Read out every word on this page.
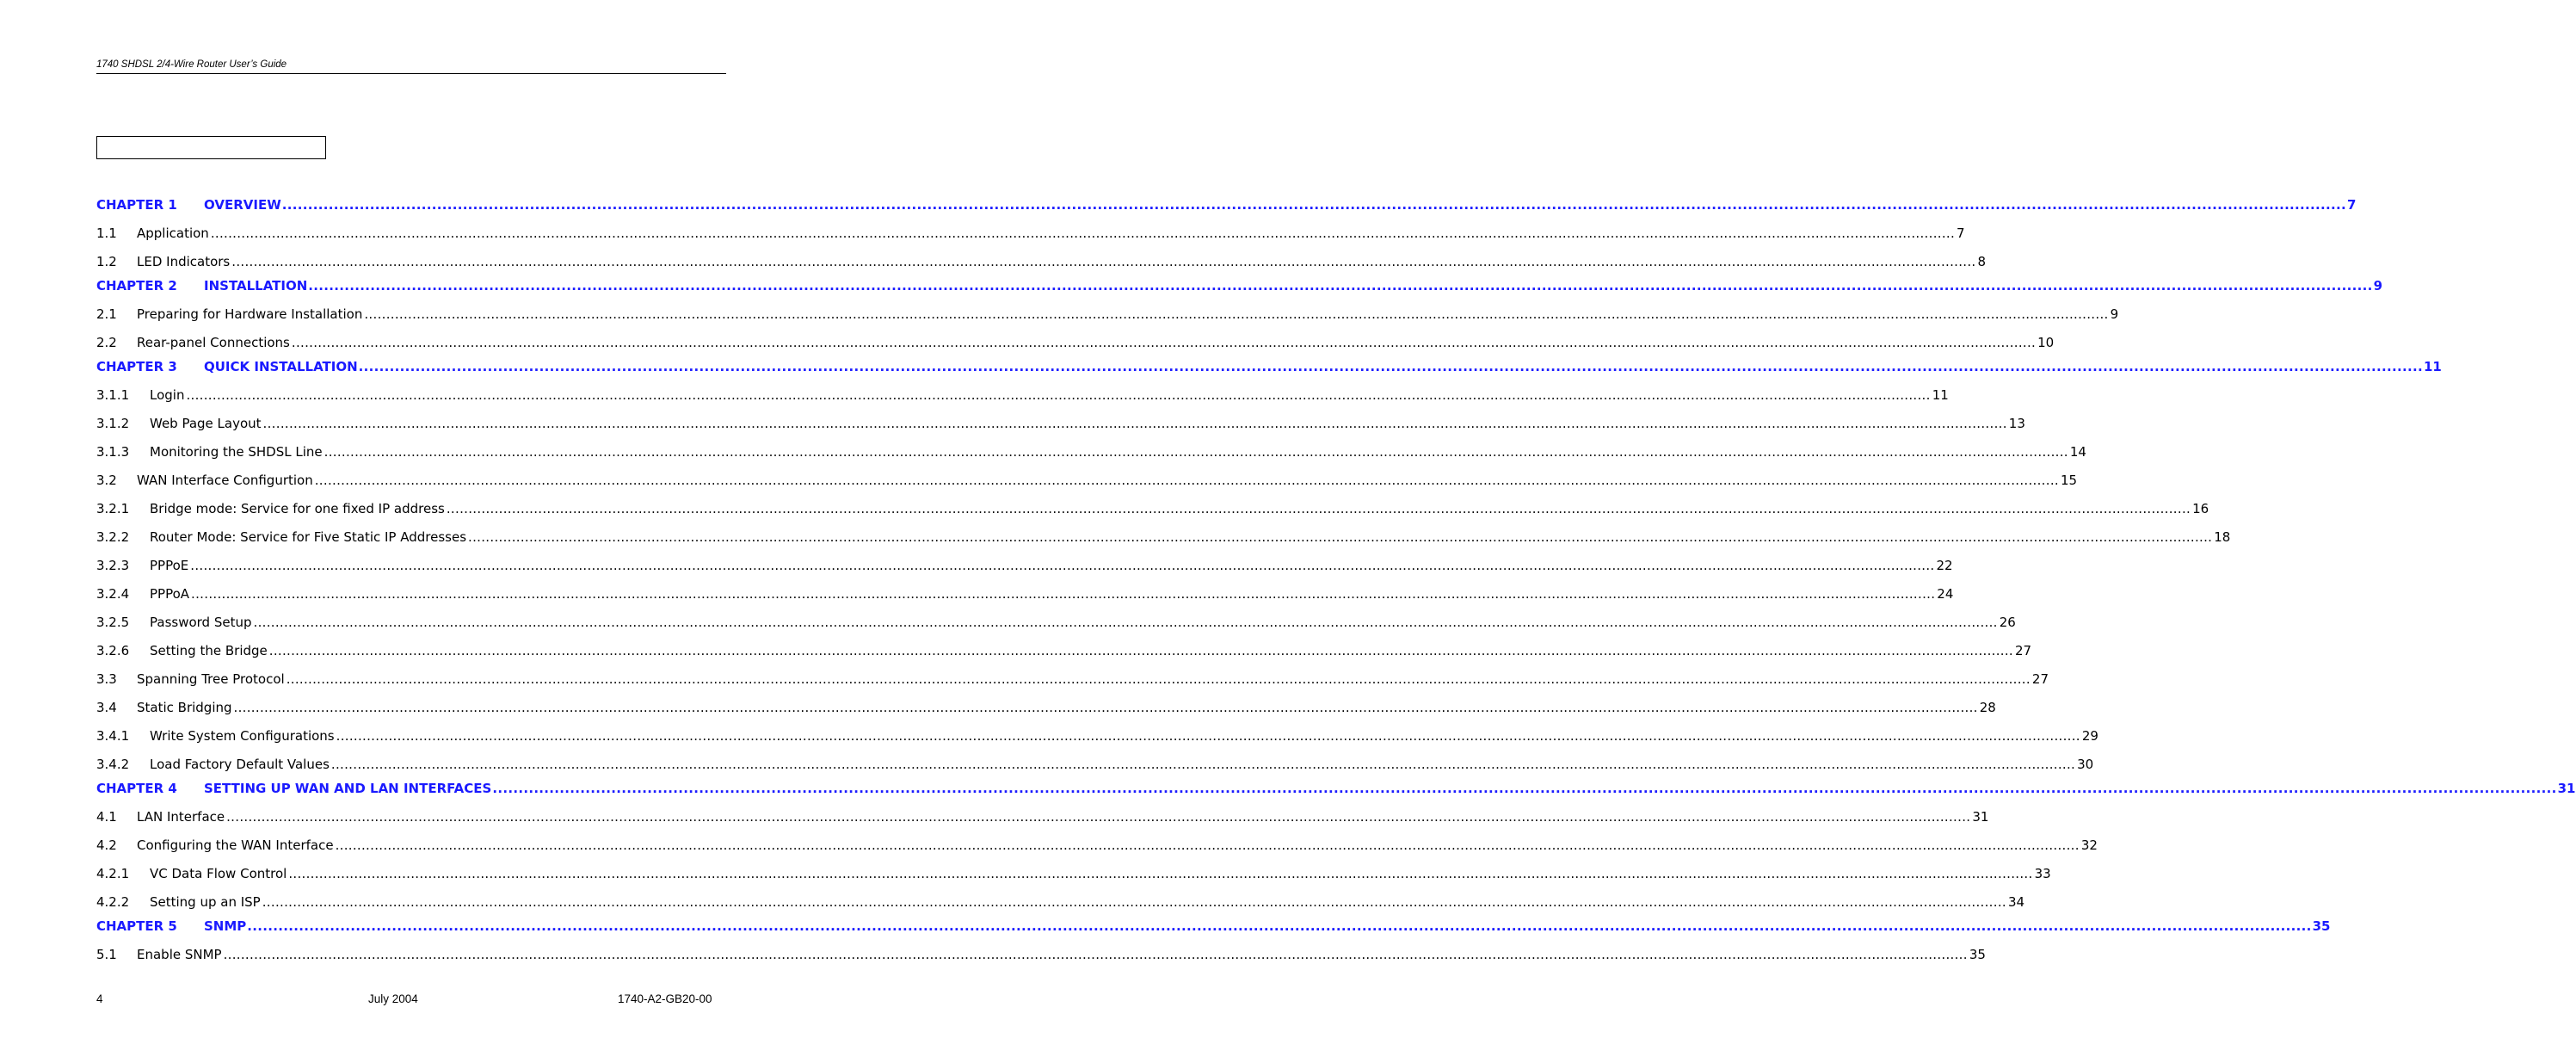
1740 SHDSL 2/4-Wire Router User’s Guide
CHAPTER 1	OVERVIEW ................................................................................................................................................................................................................................................................................................................................................................................................................ 7
1.1	Application ................................................................................................................................................................................................................................................................................................................................................................................................................ 7
1.2	LED Indicators ................................................................................................................................................................................................................................................................................................................................................................................................................ 8
CHAPTER 2	INSTALLATION ................................................................................................................................................................................................................................................................................................................................................................................................................ 9
2.1	Preparing for Hardware Installation ................................................................................................................................................................................................................................................................................................................................................................................................................ 9
2.2	Rear-panel Connections ................................................................................................................................................................................................................................................................................................................................................................................................................ 10
CHAPTER 3	QUICK INSTALLATION ................................................................................................................................................................................................................................................................................................................................................................................................................ 11
3.1.1	Login ................................................................................................................................................................................................................................................................................................................................................................................................................ 11
3.1.2	Web Page Layout ................................................................................................................................................................................................................................................................................................................................................................................................................ 13
3.1.3	Monitoring the SHDSL Line ................................................................................................................................................................................................................................................................................................................................................................................................................ 14
3.2	WAN Interface Configurtion ................................................................................................................................................................................................................................................................................................................................................................................................................ 15
3.2.1	Bridge mode: Service for one fixed IP address ................................................................................................................................................................................................................................................................................................................................................................................................................ 16
3.2.2	Router Mode: Service for Five Static IP Addresses ................................................................................................................................................................................................................................................................................................................................................................................................................ 18
3.2.3	PPPoE ................................................................................................................................................................................................................................................................................................................................................................................................................ 22
3.2.4	PPPoA ................................................................................................................................................................................................................................................................................................................................................................................................................ 24
3.2.5	Password Setup ................................................................................................................................................................................................................................................................................................................................................................................................................ 26
3.2.6	Setting the Bridge ................................................................................................................................................................................................................................................................................................................................................................................................................ 27
3.3	Spanning Tree Protocol ................................................................................................................................................................................................................................................................................................................................................................................................................ 27
3.4	Static Bridging ................................................................................................................................................................................................................................................................................................................................................................................................................ 28
3.4.1	Write System Configurations ................................................................................................................................................................................................................................................................................................................................................................................................................ 29
3.4.2	Load Factory Default Values ................................................................................................................................................................................................................................................................................................................................................................................................................ 30
CHAPTER 4	SETTING UP WAN AND LAN INTERFACES ................................................................................................................................................................................................................................................................................................................................................................................................................ 31
4.1	LAN Interface ................................................................................................................................................................................................................................................................................................................................................................................................................ 31
4.2	Configuring the WAN Interface ................................................................................................................................................................................................................................................................................................................................................................................................................ 32
4.2.1	VC Data Flow Control ................................................................................................................................................................................................................................................................................................................................................................................................................ 33
4.2.2	Setting up an ISP ................................................................................................................................................................................................................................................................................................................................................................................................................ 34
CHAPTER 5	SNMP ................................................................................................................................................................................................................................................................................................................................................................................................................ 35
5.1	Enable SNMP ................................................................................................................................................................................................................................................................................................................................................................................................................ 35
4	July 2004	1740-A2-GB20-00
